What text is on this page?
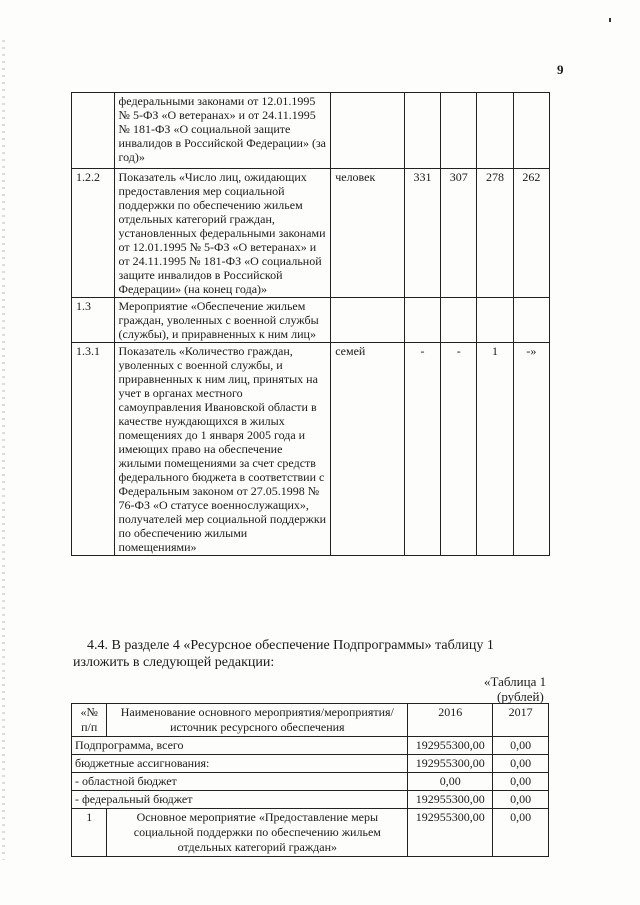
9
	федеральными законами от 12.01.1995 № 5-ФЗ «О ветеранах» и от 24.11.1995 № 181-ФЗ «О социальной защите инвалидов в Российской Федерации» (за год)»					
1.2.2	Показатель «Число лиц, ожидающих предоставления мер социальной поддержки по обеспечению жильем отдельных категорий граждан, установленных федеральными законами от 12.01.1995 № 5-ФЗ «О ветеранах» и от 24.11.1995 № 181-ФЗ «О социальной защите инвалидов в Российской Федерации» (на конец года)»	человек	331	307	278	262
1.3	Мероприятие «Обеспечение жильем граждан, уволенных с военной службы (службы), и приравненных к ним лиц»					
1.3.1	Показатель «Количество граждан, уволенных с военной службы, и приравненных к ним лиц, принятых на учет в органах местного самоуправления Ивановской области в качестве нуждающихся в жилых помещениях до 1 января 2005 года и имеющих право на обеспечение жилыми помещениями за счет средств федерального бюджета в соответствии с Федеральным законом от 27.05.1998 № 76-ФЗ «О статусе военнослужащих», получателей мер социальной поддержки по обеспечению жилыми помещениями»	семей	-	-	1	-»
4.4. В разделе 4 «Ресурсное обеспечение Подпрограммы» таблицу 1 изложить в следующей редакции:
«Таблица 1
(рублей)
«№ п/п	Наименование основного мероприятия/мероприятия/источник ресурсного обеспечения	2016	2017
Подпрограмма, всего		192955300,00	0,00
бюджетные ассигнования:		192955300,00	0,00
- областной бюджет		0,00	0,00
- федеральный бюджет		192955300,00	0,00
1	Основное мероприятие «Предоставление меры социальной поддержки по обеспечению жильем отдельных категорий граждан»	192955300,00	0,00
